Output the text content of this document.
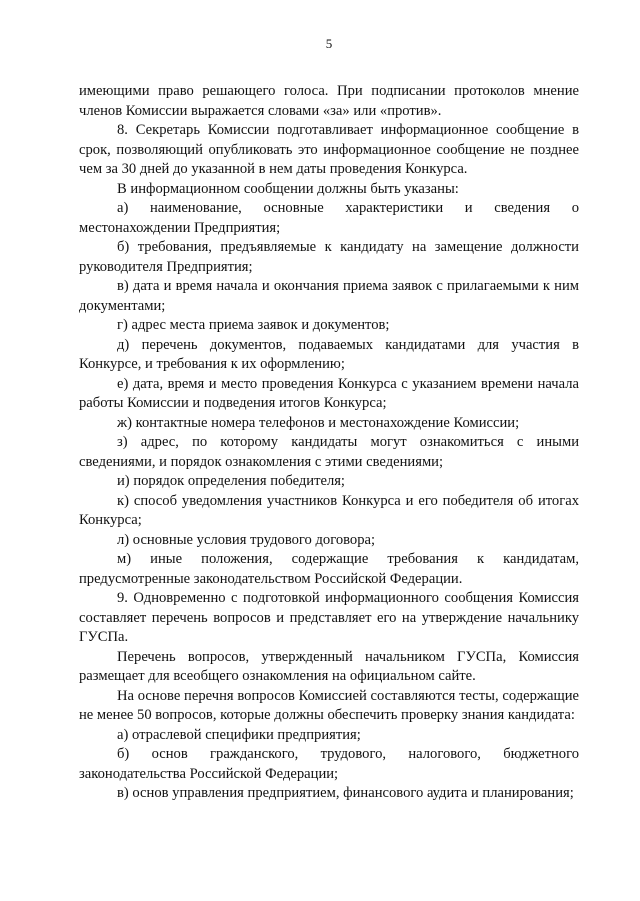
5

имеющими право решающего голоса. При подписании протоколов мнение членов Комиссии выражается словами «за» или «против».

8. Секретарь Комиссии подготавливает информационное сообщение в срок, позволяющий опубликовать это информационное сообщение не позднее чем за 30 дней до указанной в нем даты проведения Конкурса.

В информационном сообщении должны быть указаны:

а) наименование, основные характеристики и сведения о местонахождении Предприятия;

б) требования, предъявляемые к кандидату на замещение должности руководителя Предприятия;

в) дата и время начала и окончания приема заявок с прилагаемыми к ним документами;

г) адрес места приема заявок и документов;

д) перечень документов, подаваемых кандидатами для участия в Конкурсе, и требования к их оформлению;

е) дата, время и место проведения Конкурса с указанием времени начала работы Комиссии и подведения итогов Конкурса;

ж) контактные номера телефонов и местонахождение Комиссии;

з) адрес, по которому кандидаты могут ознакомиться с иными сведениями, и порядок ознакомления с этими сведениями;

и) порядок определения победителя;

к) способ уведомления участников Конкурса и его победителя об итогах Конкурса;

л) основные условия трудового договора;

м) иные положения, содержащие требования к кандидатам, предусмотренные законодательством Российской Федерации.

9. Одновременно с подготовкой информационного сообщения Комиссия составляет перечень вопросов и представляет его на утверждение начальнику ГУСПа.

Перечень вопросов, утвержденный начальником ГУСПа, Комиссия размещает для всеобщего ознакомления на официальном сайте.

На основе перечня вопросов Комиссией составляются тесты, содержащие не менее 50 вопросов, которые должны обеспечить проверку знания кандидата:

а) отраслевой специфики предприятия;

б) основ гражданского, трудового, налогового, бюджетного законодательства Российской Федерации;

в) основ управления предприятием, финансового аудита и планирования;
